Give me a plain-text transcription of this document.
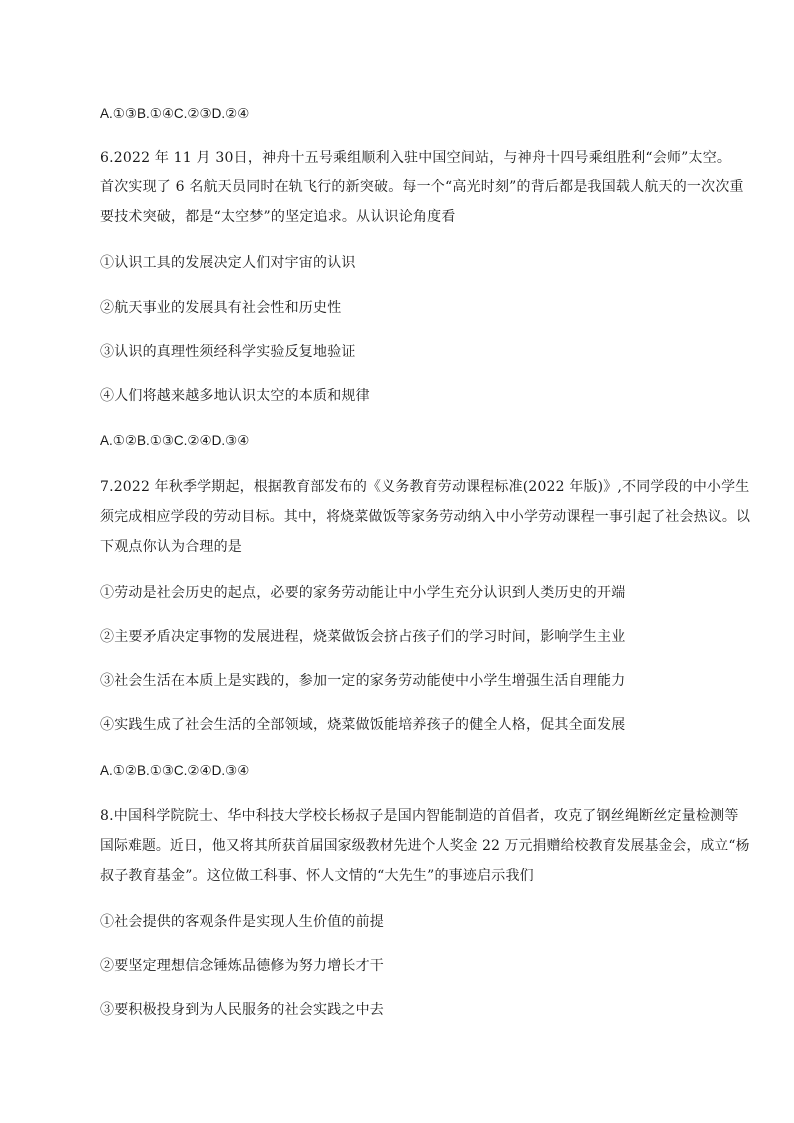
A.①③B.①④C.②③D.②④
6.2022 年 11 月 30日，神舟十五号乘组顺利入驻中国空间站，与神舟十四号乘组胜利“会师”太空。
首次实现了 6 名航天员同时在轨飞行的新突破。每一个“高光时刻”的背后都是我国载人航天的一次次重
要技术突破，都是“太空梦”的坚定追求。从认识论角度看
①认识工具的发展决定人们对宇宙的认识
②航天事业的发展具有社会性和历史性
③认识的真理性须经科学实验反复地验证
④人们将越来越多地认识太空的本质和规律
A.①②B.①③C.②④D.③④
7.2022 年秋季学期起，根据教育部发布的《义务教育劳动课程标准(2022 年版)》,不同学段的中小学生
须完成相应学段的劳动目标。其中，将烧菜做饭等家务劳动纳入中小学劳动课程一事引起了社会热议。以
下观点你认为合理的是
①劳动是社会历史的起点，必要的家务劳动能让中小学生充分认识到人类历史的开端
②主要矛盾决定事物的发展进程，烧菜做饭会挤占孩子们的学习时间，影响学生主业
③社会生活在本质上是实践的，参加一定的家务劳动能使中小学生增强生活自理能力
④实践生成了社会生活的全部领域，烧菜做饭能培养孩子的健全人格，促其全面发展
A.①②B.①③C.②④D.③④
8.中国科学院院士、华中科技大学校长杨叔子是国内智能制造的首倡者，攻克了钢丝绳断丝定量检测等
国际难题。近日，他又将其所获首届国家级教材先进个人奖金 22 万元捐赠给校教育发展基金会，成立“杨
叔子教育基金”。这位做工科事、怀人文情的“大先生”的事迹启示我们
①社会提供的客观条件是实现人生价值的前提
②要坚定理想信念锤炼品德修为努力增长才干
③要积极投身到为人民服务的社会实践之中去
